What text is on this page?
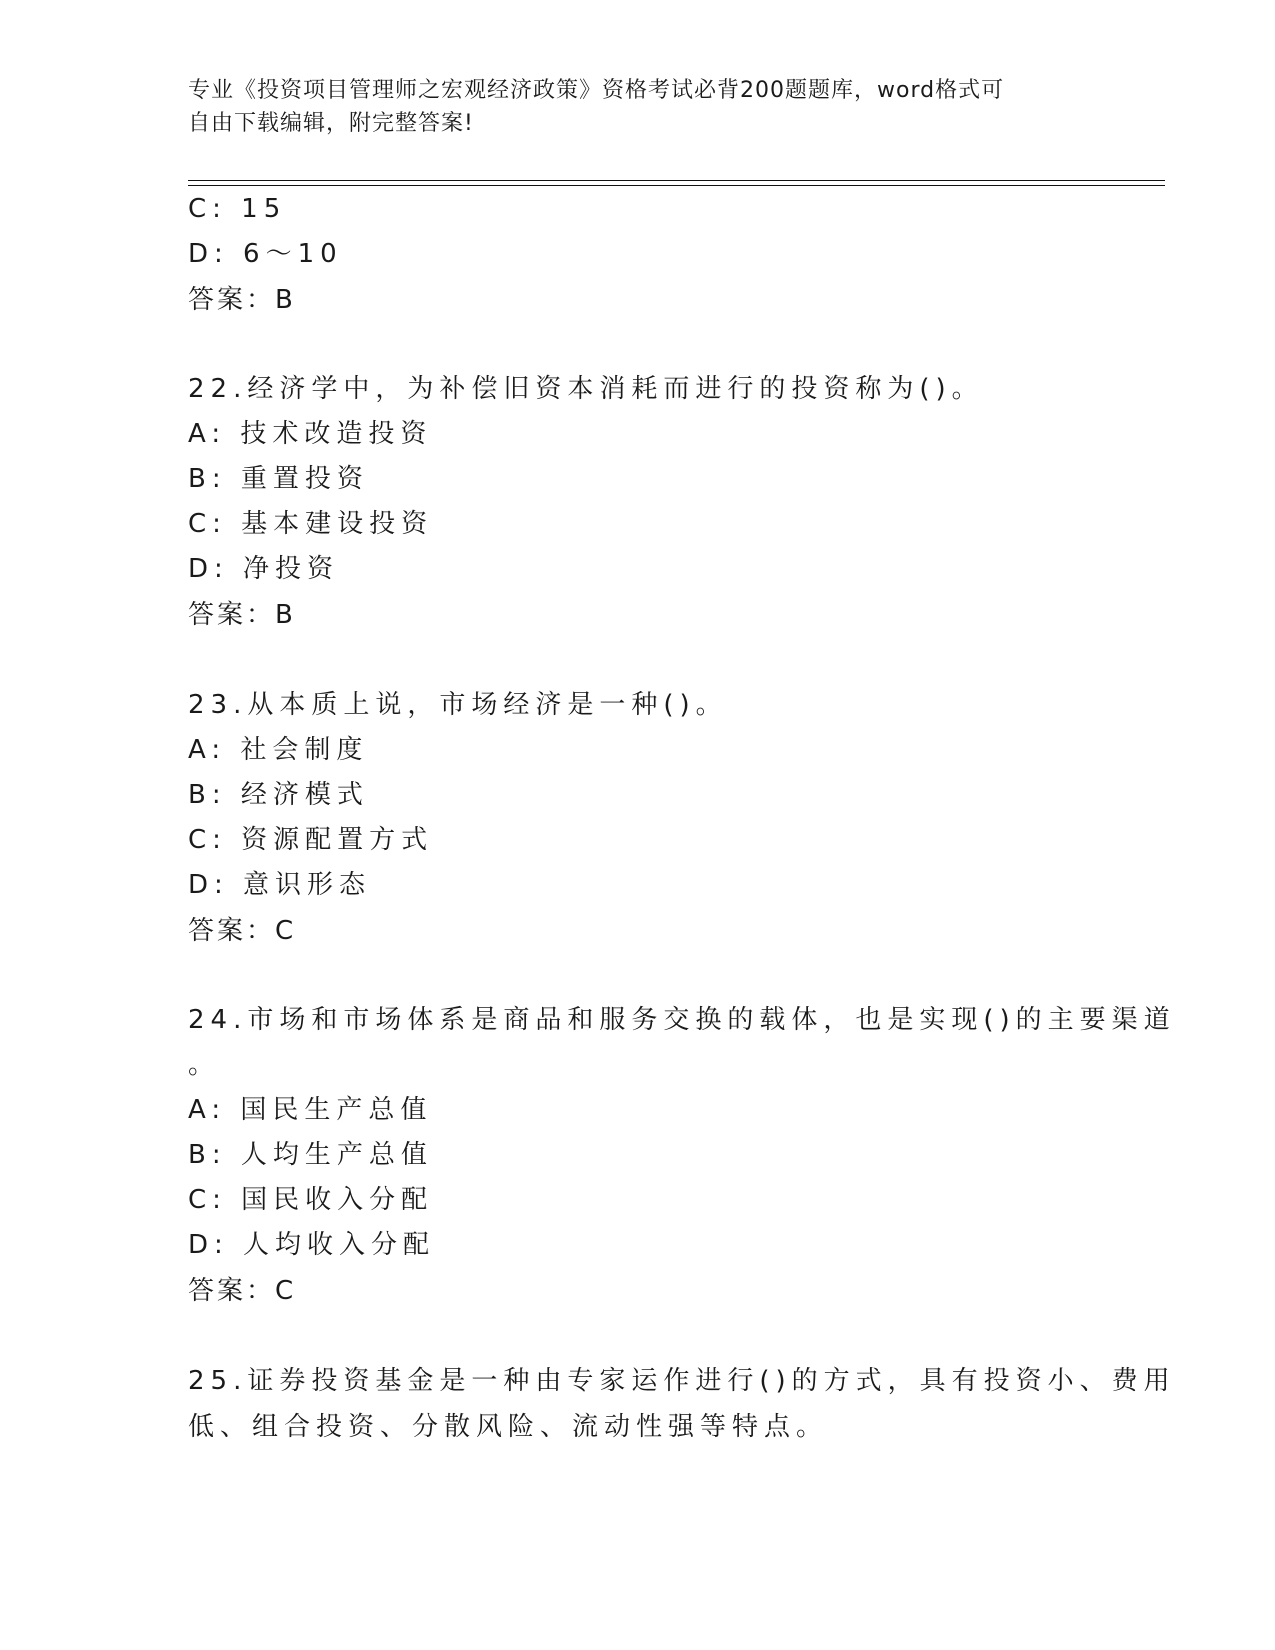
专业《投资项目管理师之宏观经济政策》资格考试必背200题题库，word格式可

自由下载编辑，附完整答案!

C: 15
D: 6～10
答案：B
22.经济学中，为补偿旧资本消耗而进行的投资称为()。
A: 技术改造投资
B: 重置投资
C: 基本建设投资
D: 净投资
答案：B
23.从本质上说，市场经济是一种()。
A: 社会制度
B: 经济模式
C: 资源配置方式
D: 意识形态
答案：C
24.市场和市场体系是商品和服务交换的载体，也是实现()的主要渠道
。
A: 国民生产总值
B: 人均生产总值
C: 国民收入分配
D: 人均收入分配
答案：C
25.证券投资基金是一种由专家运作进行()的方式，具有投资小、费用
低、组合投资、分散风险、流动性强等特点。
